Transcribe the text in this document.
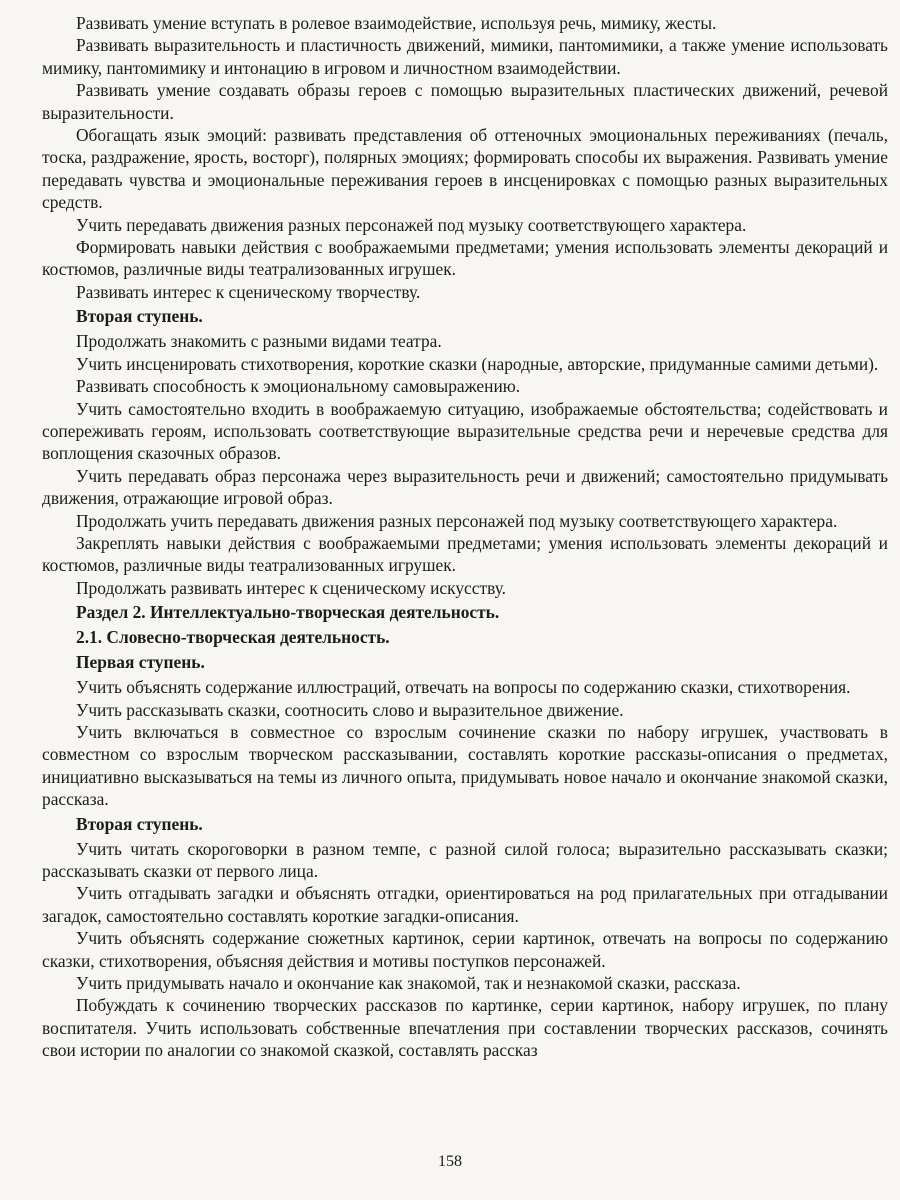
Развивать умение вступать в ролевое взаимодействие, используя речь, мимику, жесты.

Развивать выразительность и пластичность движений, мимики, пантомимики, а также умение использовать мимику, пантомимику и интонацию в игровом и личностном взаимодействии.

Развивать умение создавать образы героев с помощью выразительных пластических движений, речевой выразительности.

Обогащать язык эмоций: развивать представления об оттеночных эмоциональных переживаниях (печаль, тоска, раздражение, ярость, восторг), полярных эмоциях; формировать способы их выражения. Развивать умение передавать чувства и эмоциональные переживания героев в инсценировках с помощью разных выразительных средств.

Учить передавать движения разных персонажей под музыку соответствующего характера.

Формировать навыки действия с воображаемыми предметами; умения использовать элементы декораций и костюмов, различные виды театрализованных игрушек.

Развивать интерес к сценическому творчеству.

Вторая ступень.

Продолжать знакомить с разными видами театра.

Учить инсценировать стихотворения, короткие сказки (народные, авторские, придуманные самими детьми).

Развивать способность к эмоциональному самовыражению.

Учить самостоятельно входить в воображаемую ситуацию, изображаемые обстоятельства; содействовать и сопереживать героям, использовать соответствующие выразительные средства речи и неречевые средства для воплощения сказочных образов.

Учить передавать образ персонажа через выразительность речи и движений; самостоятельно придумывать движения, отражающие игровой образ.

Продолжать учить передавать движения разных персонажей под музыку соответствующего характера.

Закреплять навыки действия с воображаемыми предметами; умения использовать элементы декораций и костюмов, различные виды театрализованных игрушек.

Продолжать развивать интерес к сценическому искусству.

Раздел 2. Интеллектуально-творческая деятельность.

2.1. Словесно-творческая деятельность.

Первая ступень.

Учить объяснять содержание иллюстраций, отвечать на вопросы по содержанию сказки, стихотворения.

Учить рассказывать сказки, соотносить слово и выразительное движение.

Учить включаться в совместное со взрослым сочинение сказки по набору игрушек, участвовать в совместном со взрослым творческом рассказывании, составлять короткие рассказы-описания о предметах, инициативно высказываться на темы из личного опыта, придумывать новое начало и окончание знакомой сказки, рассказа.

Вторая ступень.

Учить читать скороговорки в разном темпе, с разной силой голоса; выразительно рассказывать сказки; рассказывать сказки от первого лица.

Учить отгадывать загадки и объяснять отгадки, ориентироваться на род прилагательных при отгадывании загадок, самостоятельно составлять короткие загадки-описания.

Учить объяснять содержание сюжетных картинок, серии картинок, отвечать на вопросы по содержанию сказки, стихотворения, объясняя действия и мотивы поступков персонажей.

Учить придумывать начало и окончание как знакомой, так и незнакомой сказки, рассказа.

Побуждать к сочинению творческих рассказов по картинке, серии картинок, набору игрушек, по плану воспитателя. Учить использовать собственные впечатления при составлении творческих рассказов, сочинять свои истории по аналогии со знакомой сказкой, составлять рассказ

158
